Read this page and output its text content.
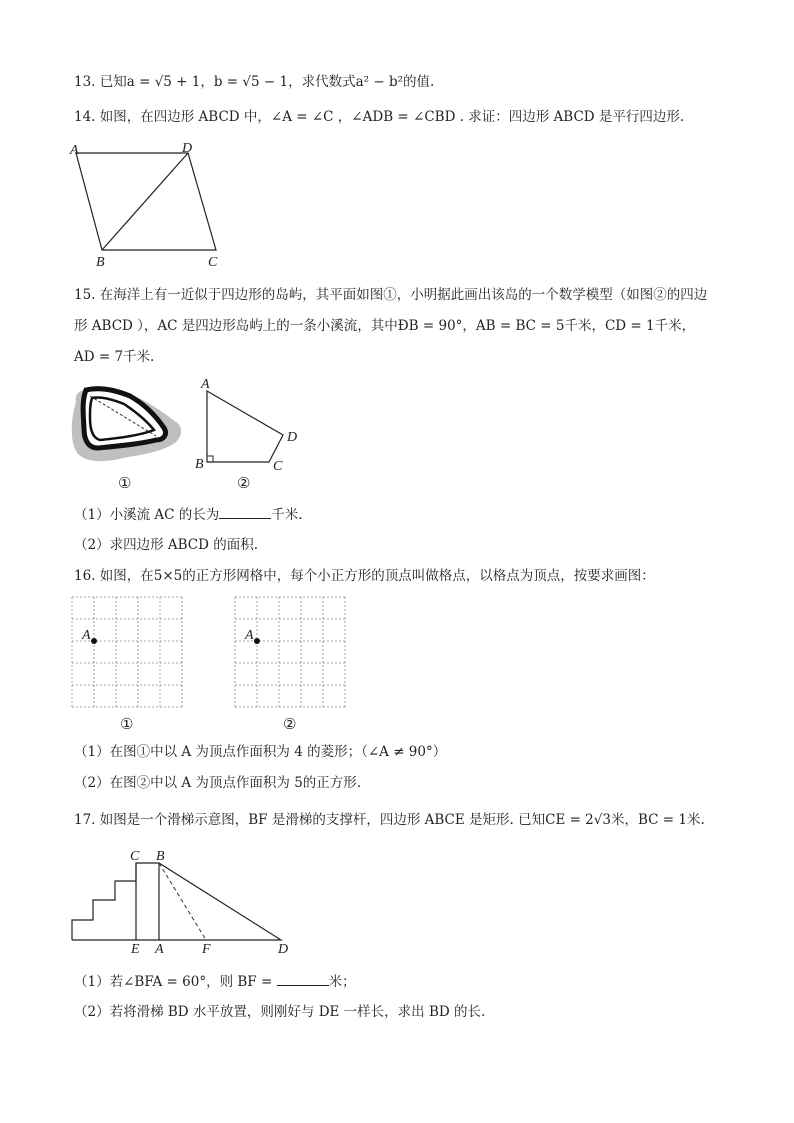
13. 已知a = √5 + 1，b = √5 − 1，求代数式a² − b²的值.
14. 如图，在四边形 ABCD 中，∠A = ∠C ，∠ADB = ∠CBD . 求证：四边形 ABCD 是平行四边形.
A	D
B	C
15. 在海洋上有一近似于四边形的岛屿，其平面如图①，小明据此画出该岛的一个数学模型（如图②的四边
形 ABCD ），AC 是四边形岛屿上的一条小溪流，其中ÐB = 90°，AB = BC = 5千米，CD = 1千米，
AD = 7千米.
①
A
D
B	C
②
（1）小溪流 AC 的长为	千米.
（2）求四边形 ABCD 的面积.
16. 如图，在5×5的正方形网格中，每个小正方形的顶点叫做格点，以格点为顶点，按要求画图：
A
①
A
②
（1）在图①中以 A 为顶点作面积为 4 的菱形；（∠A ≠ 90°）
（2）在图②中以 A 为顶点作面积为 5的正方形.
17. 如图是一个滑梯示意图，BF 是滑梯的支撑杆，四边形 ABCE 是矩形. 已知CE = 2√3米，BC = 1米.
C B
E A	F	D
（1）若∠BFA = 60°，则 BF =	米；
（2）若将滑梯 BD 水平放置，则刚好与 DE 一样长，求出 BD 的长.
